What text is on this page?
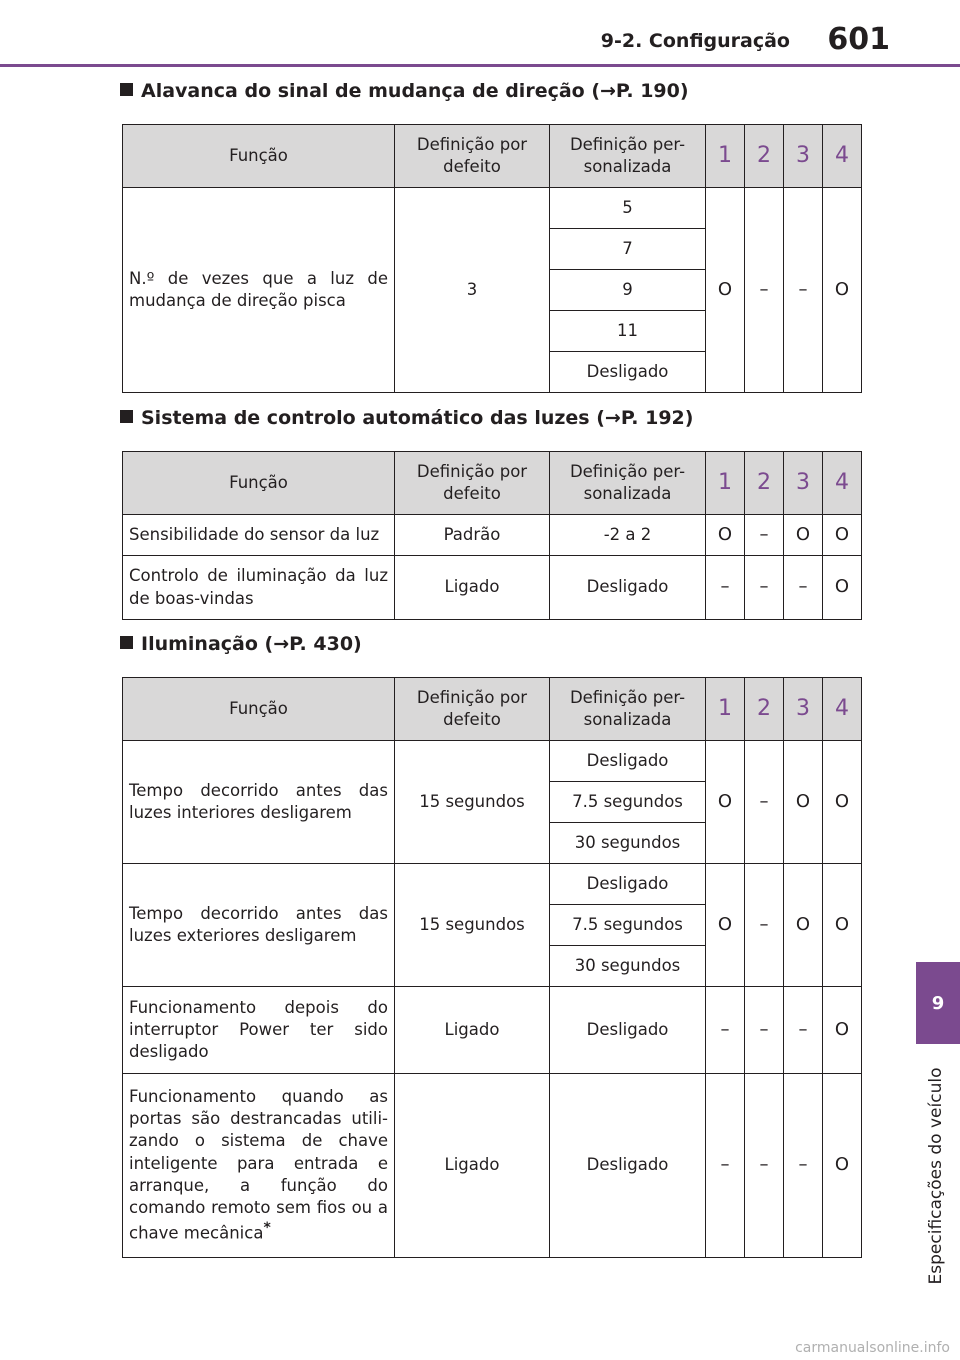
9-2. Configuração 601
9
Especificações do veículo
Alavanca do sinal de mudança de direção (→P. 190)
Função	Definição por defeito	Definição per-sonalizada	1	2	3	4
N.º de vezes que a luz de mudança de direção pisca	3	5	O	–	–	O
		7				
		9				
		11				
		Desligado				
Sistema de controlo automático das luzes (→P. 192)
Função	Definição por defeito	Definição per-sonalizada	1	2	3	4
Sensibilidade do sensor da luz	Padrão	-2 a 2	O	–	O	O
Controlo de iluminação da luz de boas-vindas	Ligado	Desligado	–	–	–	O
Iluminação (→P. 430)
Função	Definição por defeito	Definição per-sonalizada	1	2	3	4
Tempo decorrido antes das luzes interiores desligarem	15 segundos	Desligado	O	–	O	O
		7.5 segundos				
		30 segundos				
Tempo decorrido antes das luzes exteriores desligarem	15 segundos	Desligado	O	–	O	O
		7.5 segundos				
		30 segundos				
Funcionamento depois do interruptor Power ter sido desligado	Ligado	Desligado	–	–	–	O
Funcionamento quando as portas são destrancadas utili-zando o sistema de chave inteligente para entrada e arranque, a função do comando remoto sem fios ou a chave mecânica*	Ligado	Desligado	–	–	–	O
carmanualsonline.info
